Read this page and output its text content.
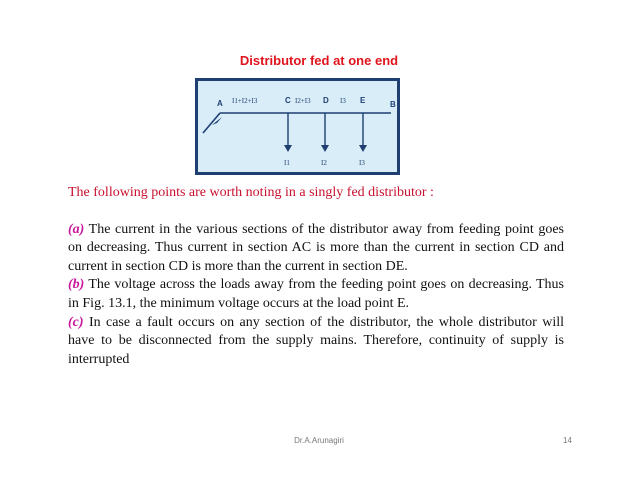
Distributor fed at one end
A	C	D	E	B
I1+I2+I3	I2+I3	I3
I1	I2	I3

The following points are worth noting in a singly fed distributor :

(a) The current in the various sections of the distributor away from feeding point goes on decreasing. Thus current in section AC is more than the current in section CD and current in section CD is more than the current in section DE.

(b) The voltage across the loads away from the feeding point goes on decreasing. Thus in Fig. 13.1, the minimum voltage occurs at the load point E.

(c) In case a fault occurs on any section of the distributor, the whole distributor will have to be disconnected from the supply mains. Therefore, continuity of supply is interrupted

Dr.A.Arunagiri	14
